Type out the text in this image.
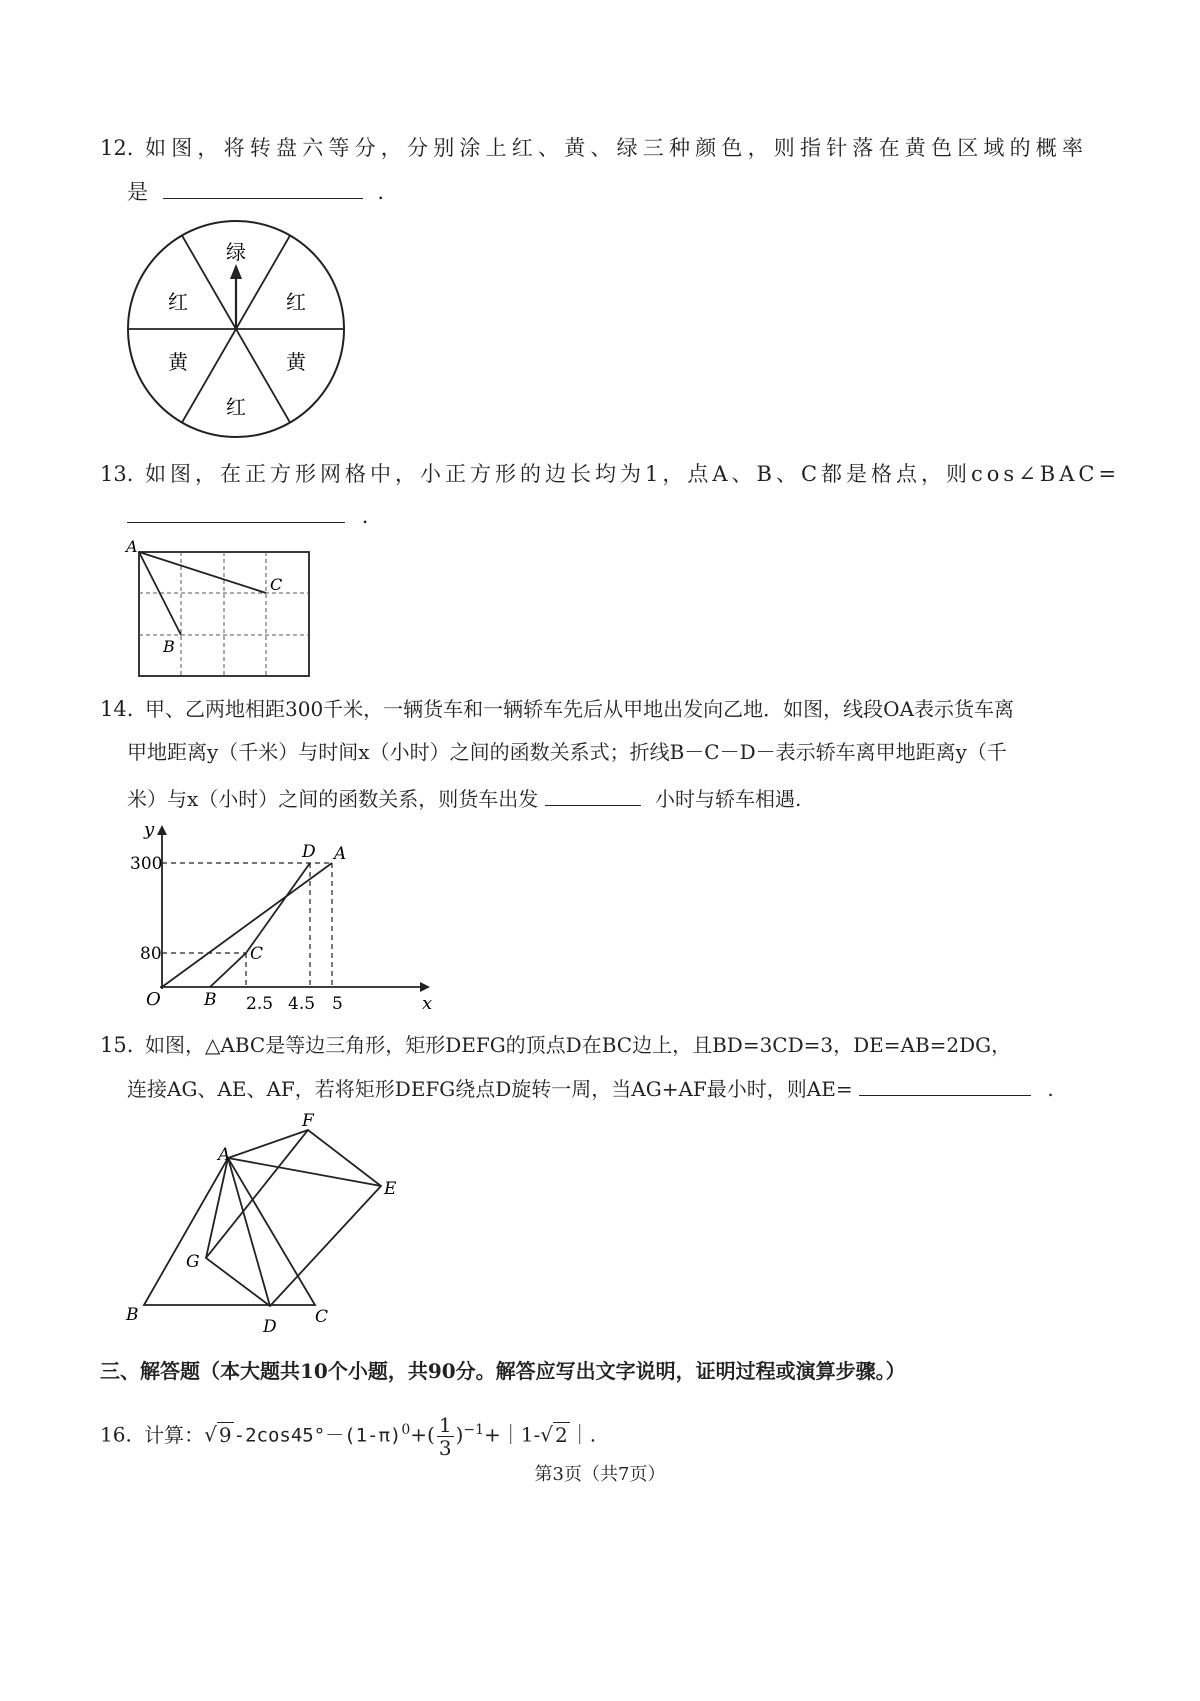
12. 如图，将转盘六等分，分别涂上红、黄、绿三种颜色，则指针落在黄色区域的概率
是	.
绿
红
黄
红
黄
红
13. 如图，在正方形网格中，小正方形的边长均为1，点A、B、C都是格点，则cos∠BAC=
.
A
B
C
14. 甲、乙两地相距300千米，一辆货车和一辆轿车先后从甲地出发向乙地．如图，线段OA表示货车离
甲地距离y（千米）与时间x（小时）之间的函数关系式；折线B－C－D－表示轿车离甲地距离y（千
米）与x（小时）之间的函数关系，则货车出发	小时与轿车相遇.
y
x
O
300
80
2.5 4.5 5
B
C
D A
15. 如图，△ABC是等边三角形，矩形DEFG的顶点D在BC边上，且BD=3CD=3，DE=AB=2DG，
连接AG、AE、AF，若将矩形DEFG绕点D旋转一周，当AG+AF最小时，则AE=	.
A
B	C
D
E
F
G
三、解答题（本大题共10个小题，共90分。解答应写出文字说明，证明过程或演算步骤。）
16. 计算：√ 9 $-2\cos 45^\circ-(1-\pi)^0+( \frac{1}{3}$ )$^{-1}+|1-√$ 2 ｜.
第3页（共7页）
